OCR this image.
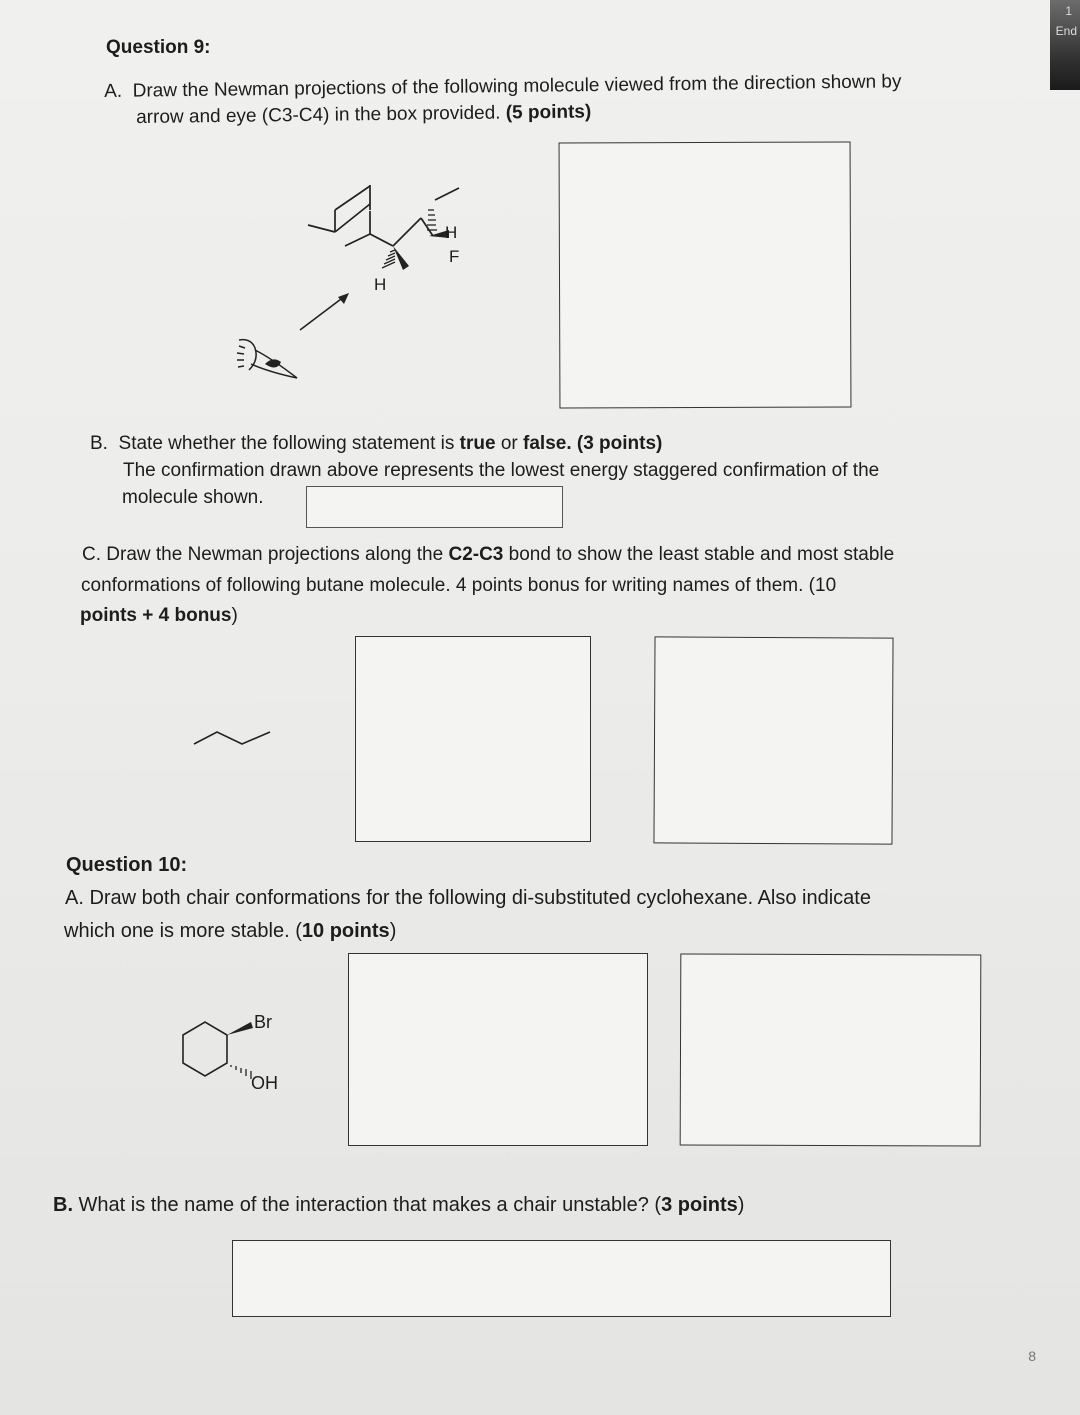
1
End
Question 9:
A. Draw the Newman projections of the following molecule viewed from the direction shown by
arrow and eye (C3-C4) in the box provided. (5 points)
H
F
H
B. State whether the following statement is true or false. (3 points)
The confirmation drawn above represents the lowest energy staggered confirmation of the
molecule shown.
C. Draw the Newman projections along the C2-C3 bond to show the least stable and most stable
conformations of following butane molecule. 4 points bonus for writing names of them. (10
points + 4 bonus)
Question 10:
A. Draw both chair conformations for the following di-substituted cyclohexane. Also indicate
which one is more stable. (10 points)
Br
OH
B. What is the name of the interaction that makes a chair unstable? (3 points)
8
